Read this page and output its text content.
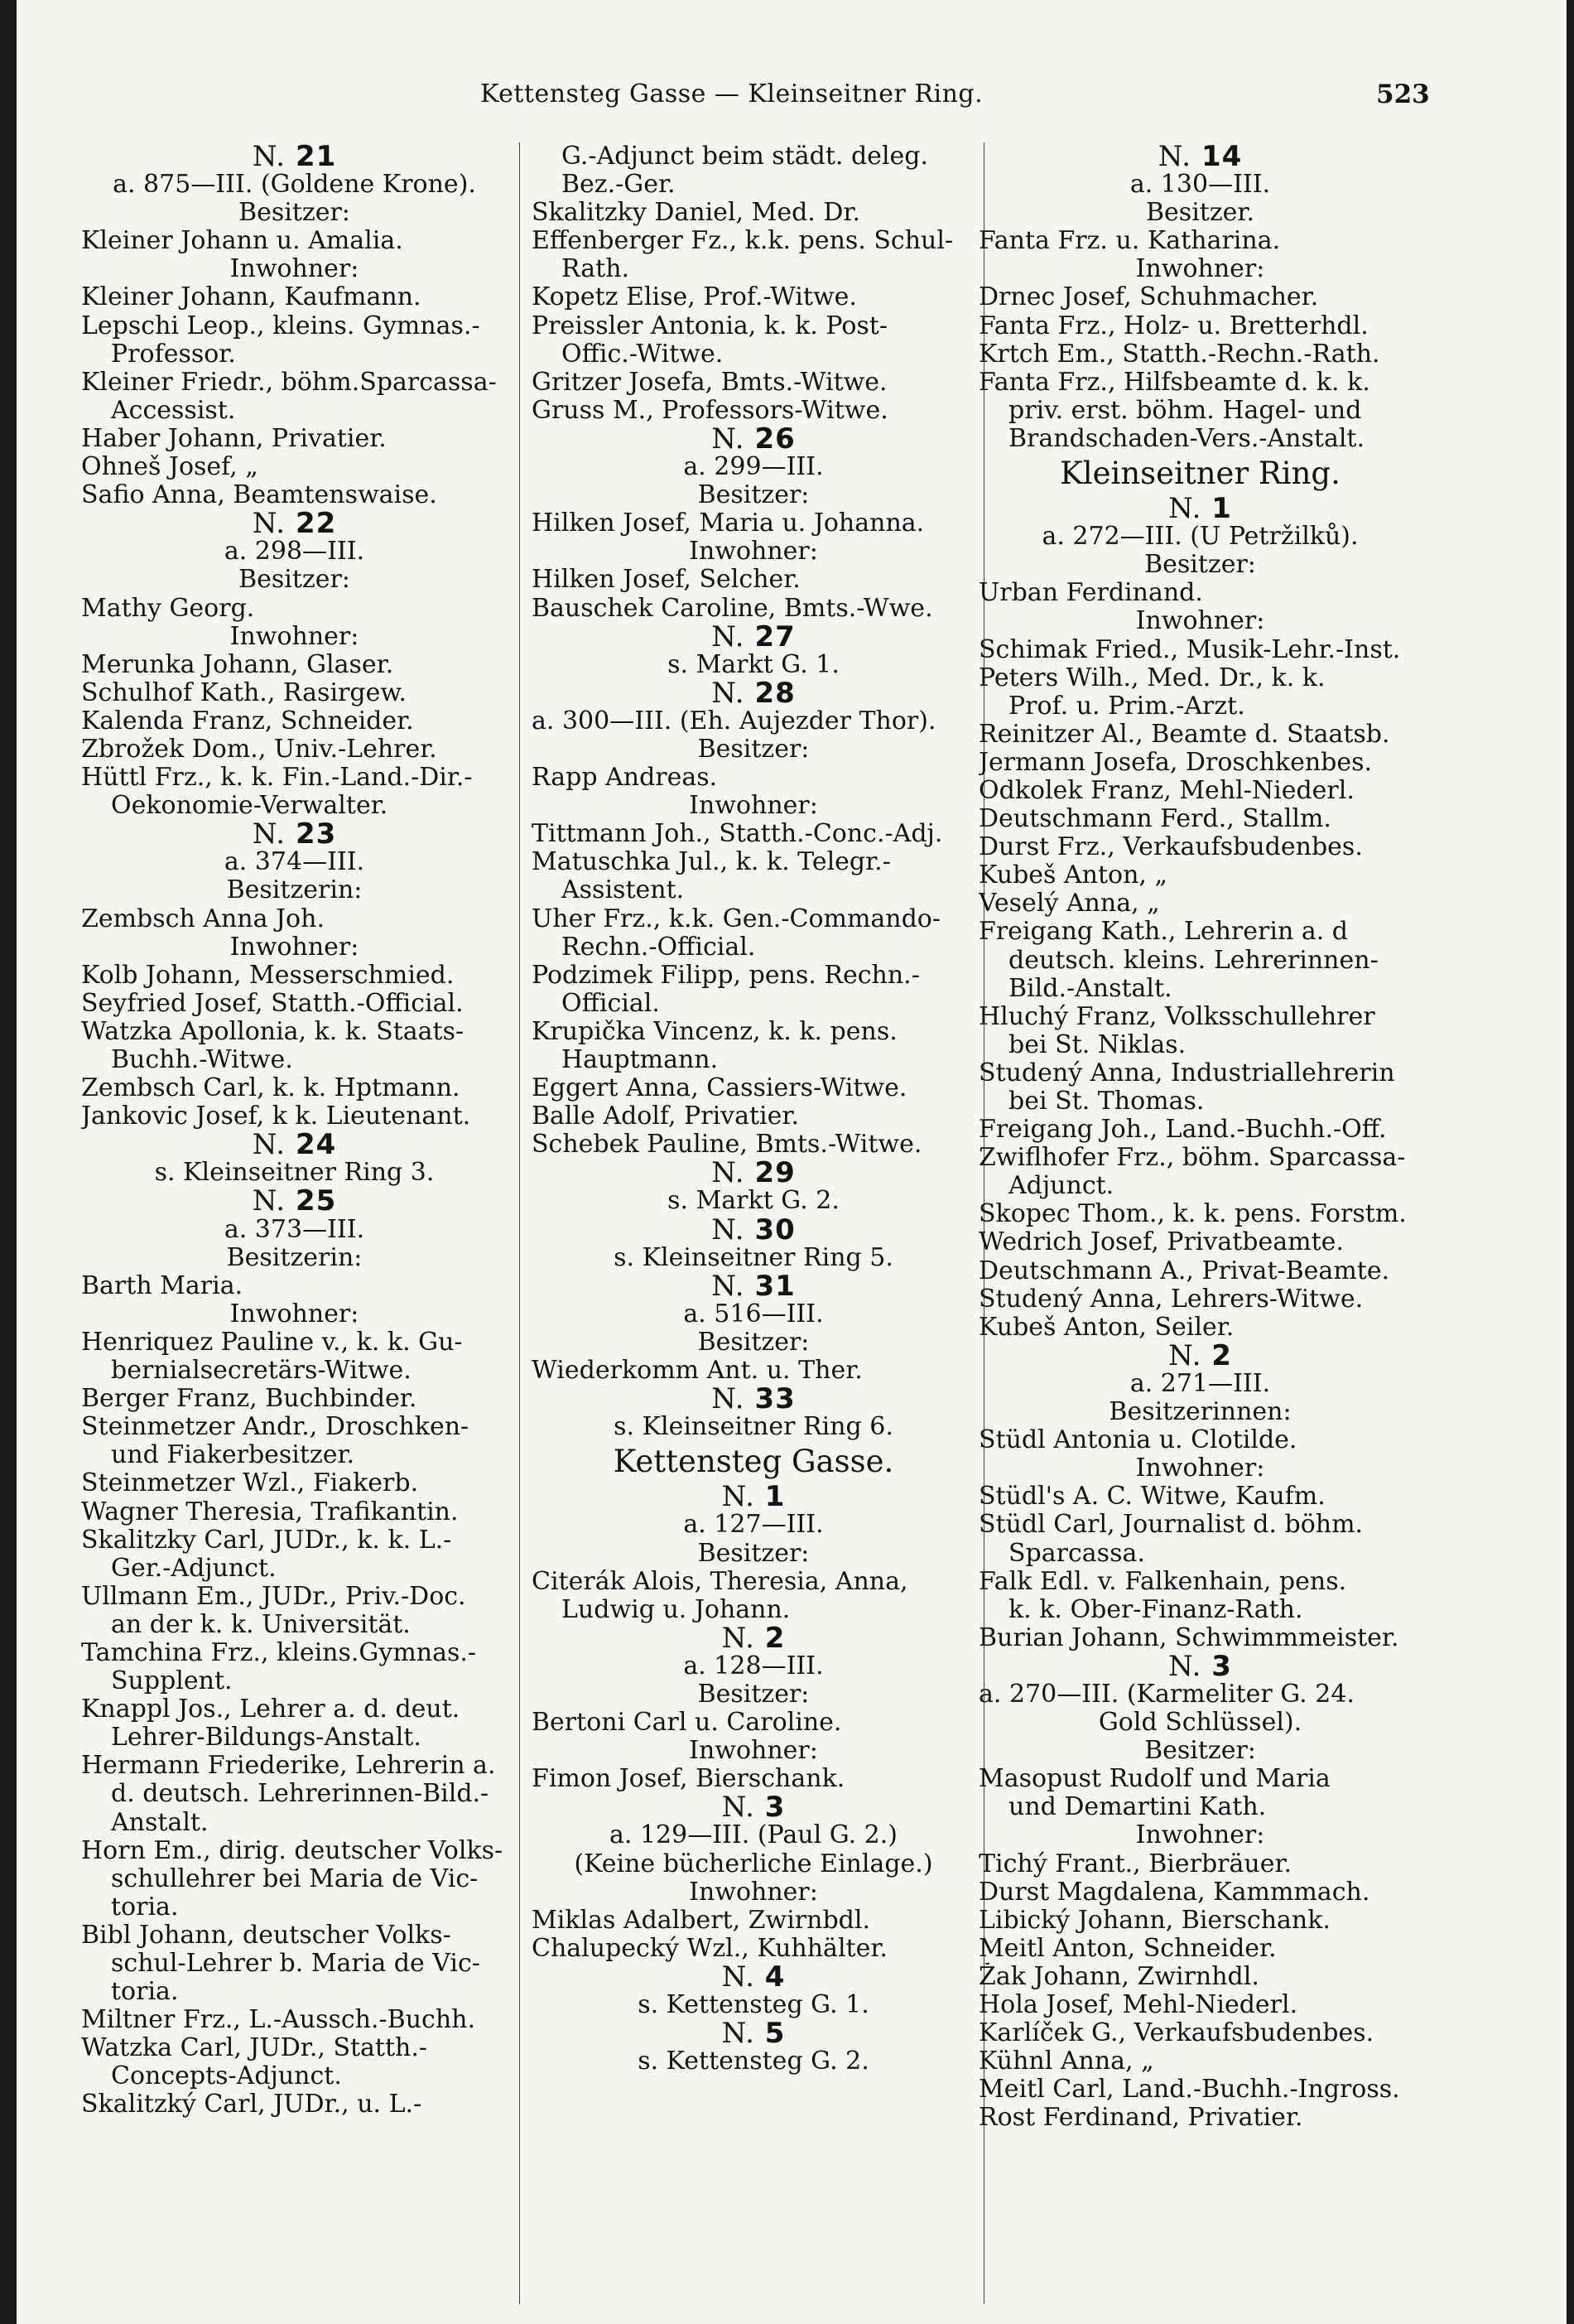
Kettensteg Gasse — Kleinseitner Ring.	523
N. 21
a. 875—III. (Goldene Krone).
Besitzer:
Kleiner Johann u. Amalia.
Inwohner:
Kleiner Johann, Kaufmann.
Lepschi Leop., kleins. Gymnas.-
Professor.
Kleiner Friedr., böhm.Sparcassa-
Accessist.
Haber Johann, Privatier.
Ohneš Josef, „
Safio Anna, Beamtenswaise.
N. 22
a. 298—III.
Besitzer:
Mathy Georg.
Inwohner:
Merunka Johann, Glaser.
Schulhof Kath., Rasirgew.
Kalenda Franz, Schneider.
Zbrožek Dom., Univ.-Lehrer.
Hüttl Frz., k. k. Fin.-Land.-Dir.-
Oekonomie-Verwalter.
N. 23
a. 374—III.
Besitzerin:
Zembsch Anna Joh.
Inwohner:
Kolb Johann, Messerschmied.
Seyfried Josef, Statth.-Official.
Watzka Apollonia, k. k. Staats-
Buchh.-Witwe.
Zembsch Carl, k. k. Hptmann.
Jankovic Josef, k k. Lieutenant.
N. 24
s. Kleinseitner Ring 3.
N. 25
a. 373—III.
Besitzerin:
Barth Maria.
Inwohner:
Henriquez Pauline v., k. k. Gu-
bernialsecretärs-Witwe.
Berger Franz, Buchbinder.
Steinmetzer Andr., Droschken-
und Fiakerbesitzer.
Steinmetzer Wzl., Fiakerb.
Wagner Theresia, Trafikantin.
Skalitzky Carl, JUDr., k. k. L.-
Ger.-Adjunct.
Ullmann Em., JUDr., Priv.-Doc.
an der k. k. Universität.
Tamchina Frz., kleins.Gymnas.-
Supplent.
Knappl Jos., Lehrer a. d. deut.
Lehrer-Bildungs-Anstalt.
Hermann Friederike, Lehrerin a.
d. deutsch. Lehrerinnen-Bild.-
Anstalt.
Horn Em., dirig. deutscher Volks-
schullehrer bei Maria de Vic-
toria.
Bibl Johann, deutscher Volks-
schul-Lehrer b. Maria de Vic-
toria.
Miltner Frz., L.-Aussch.-Buchh.
Watzka Carl, JUDr., Statth.-
Concepts-Adjunct.
Skalitzký Carl, JUDr., u. L.-
G.-Adjunct beim städt. deleg.
Bez.-Ger.
Skalitzky Daniel, Med. Dr.
Effenberger Fz., k.k. pens. Schul-
Rath.
Kopetz Elise, Prof.-Witwe.
Preissler Antonia, k. k. Post-
Offic.-Witwe.
Gritzer Josefa, Bmts.-Witwe.
Gruss M., Professors-Witwe.
N. 26
a. 299—III.
Besitzer:
Hilken Josef, Maria u. Johanna.
Inwohner:
Hilken Josef, Selcher.
Bauschek Caroline, Bmts.-Wwe.
N. 27
s. Markt G. 1.
N. 28
a. 300—III. (Eh. Aujezder Thor).
Besitzer:
Rapp Andreas.
Inwohner:
Tittmann Joh., Statth.-Conc.-Adj.
Matuschka Jul., k. k. Telegr.-
Assistent.
Uher Frz., k.k. Gen.-Commando-
Rechn.-Official.
Podzimek Filipp, pens. Rechn.-
Official.
Krupička Vincenz, k. k. pens.
Hauptmann.
Eggert Anna, Cassiers-Witwe.
Balle Adolf, Privatier.
Schebek Pauline, Bmts.-Witwe.
N. 29
s. Markt G. 2.
N. 30
s. Kleinseitner Ring 5.
N. 31
a. 516—III.
Besitzer:
Wiederkomm Ant. u. Ther.
N. 33
s. Kleinseitner Ring 6.
Kettensteg Gasse.
N. 1
a. 127—III.
Besitzer:
Citerák Alois, Theresia, Anna,
Ludwig u. Johann.
N. 2
a. 128—III.
Besitzer:
Bertoni Carl u. Caroline.
Inwohner:
Fimon Josef, Bierschank.
N. 3
a. 129—III. (Paul G. 2.)
(Keine bücherliche Einlage.)
Inwohner:
Miklas Adalbert, Zwirnbdl.
Chalupecký Wzl., Kuhhälter.
N. 4
s. Kettensteg G. 1.
N. 5
s. Kettensteg G. 2.
N. 14
a. 130—III.
Besitzer.
Fanta Frz. u. Katharina.
Inwohner:
Drnec Josef, Schuhmacher.
Fanta Frz., Holz- u. Bretterhdl.
Krtch Em., Statth.-Rechn.-Rath.
Fanta Frz., Hilfsbeamte d. k. k.
priv. erst. böhm. Hagel- und
Brandschaden-Vers.-Anstalt.
Kleinseitner Ring.
N. 1
a. 272—III. (U Petržilků).
Besitzer:
Urban Ferdinand.
Inwohner:
Schimak Fried., Musik-Lehr.-Inst.
Peters Wilh., Med. Dr., k. k.
Prof. u. Prim.-Arzt.
Reinitzer Al., Beamte d. Staatsb.
Jermann Josefa, Droschkenbes.
Odkolek Franz, Mehl-Niederl.
Deutschmann Ferd., Stallm.
Durst Frz., Verkaufsbudenbes.
Kubeš Anton, „
Veselý Anna, „
Freigang Kath., Lehrerin a. d
deutsch. kleins. Lehrerinnen-
Bild.-Anstalt.
Hluchý Franz, Volksschullehrer
bei St. Niklas.
Studený Anna, Industriallehrerin
bei St. Thomas.
Freigang Joh., Land.-Buchh.-Off.
Zwiflhofer Frz., böhm. Sparcassa-
Adjunct.
Skopec Thom., k. k. pens. Forstm.
Wedrich Josef, Privatbeamte.
Deutschmann A., Privat-Beamte.
Studený Anna, Lehrers-Witwe.
Kubeš Anton, Seiler.
N. 2
a. 271—III.
Besitzerinnen:
Stüdl Antonia u. Clotilde.
Inwohner:
Stüdl's A. C. Witwe, Kaufm.
Stüdl Carl, Journalist d. böhm.
Sparcassa.
Falk Edl. v. Falkenhain, pens.
k. k. Ober-Finanz-Rath.
Burian Johann, Schwimmmeister.
N. 3
a. 270—III. (Karmeliter G. 24.
Gold Schlüssel).
Besitzer:
Masopust Rudolf und Maria
und Demartini Kath.
Inwohner:
Tichý Frant., Bierbräuer.
Durst Magdalena, Kammmach.
Libický Johann, Bierschank.
Meitl Anton, Schneider.
Žak Johann, Zwirnhdl.
Hola Josef, Mehl-Niederl.
Karlíček G., Verkaufsbudenbes.
Kühnl Anna, „
Meitl Carl, Land.-Buchh.-Ingross.
Rost Ferdinand, Privatier.
